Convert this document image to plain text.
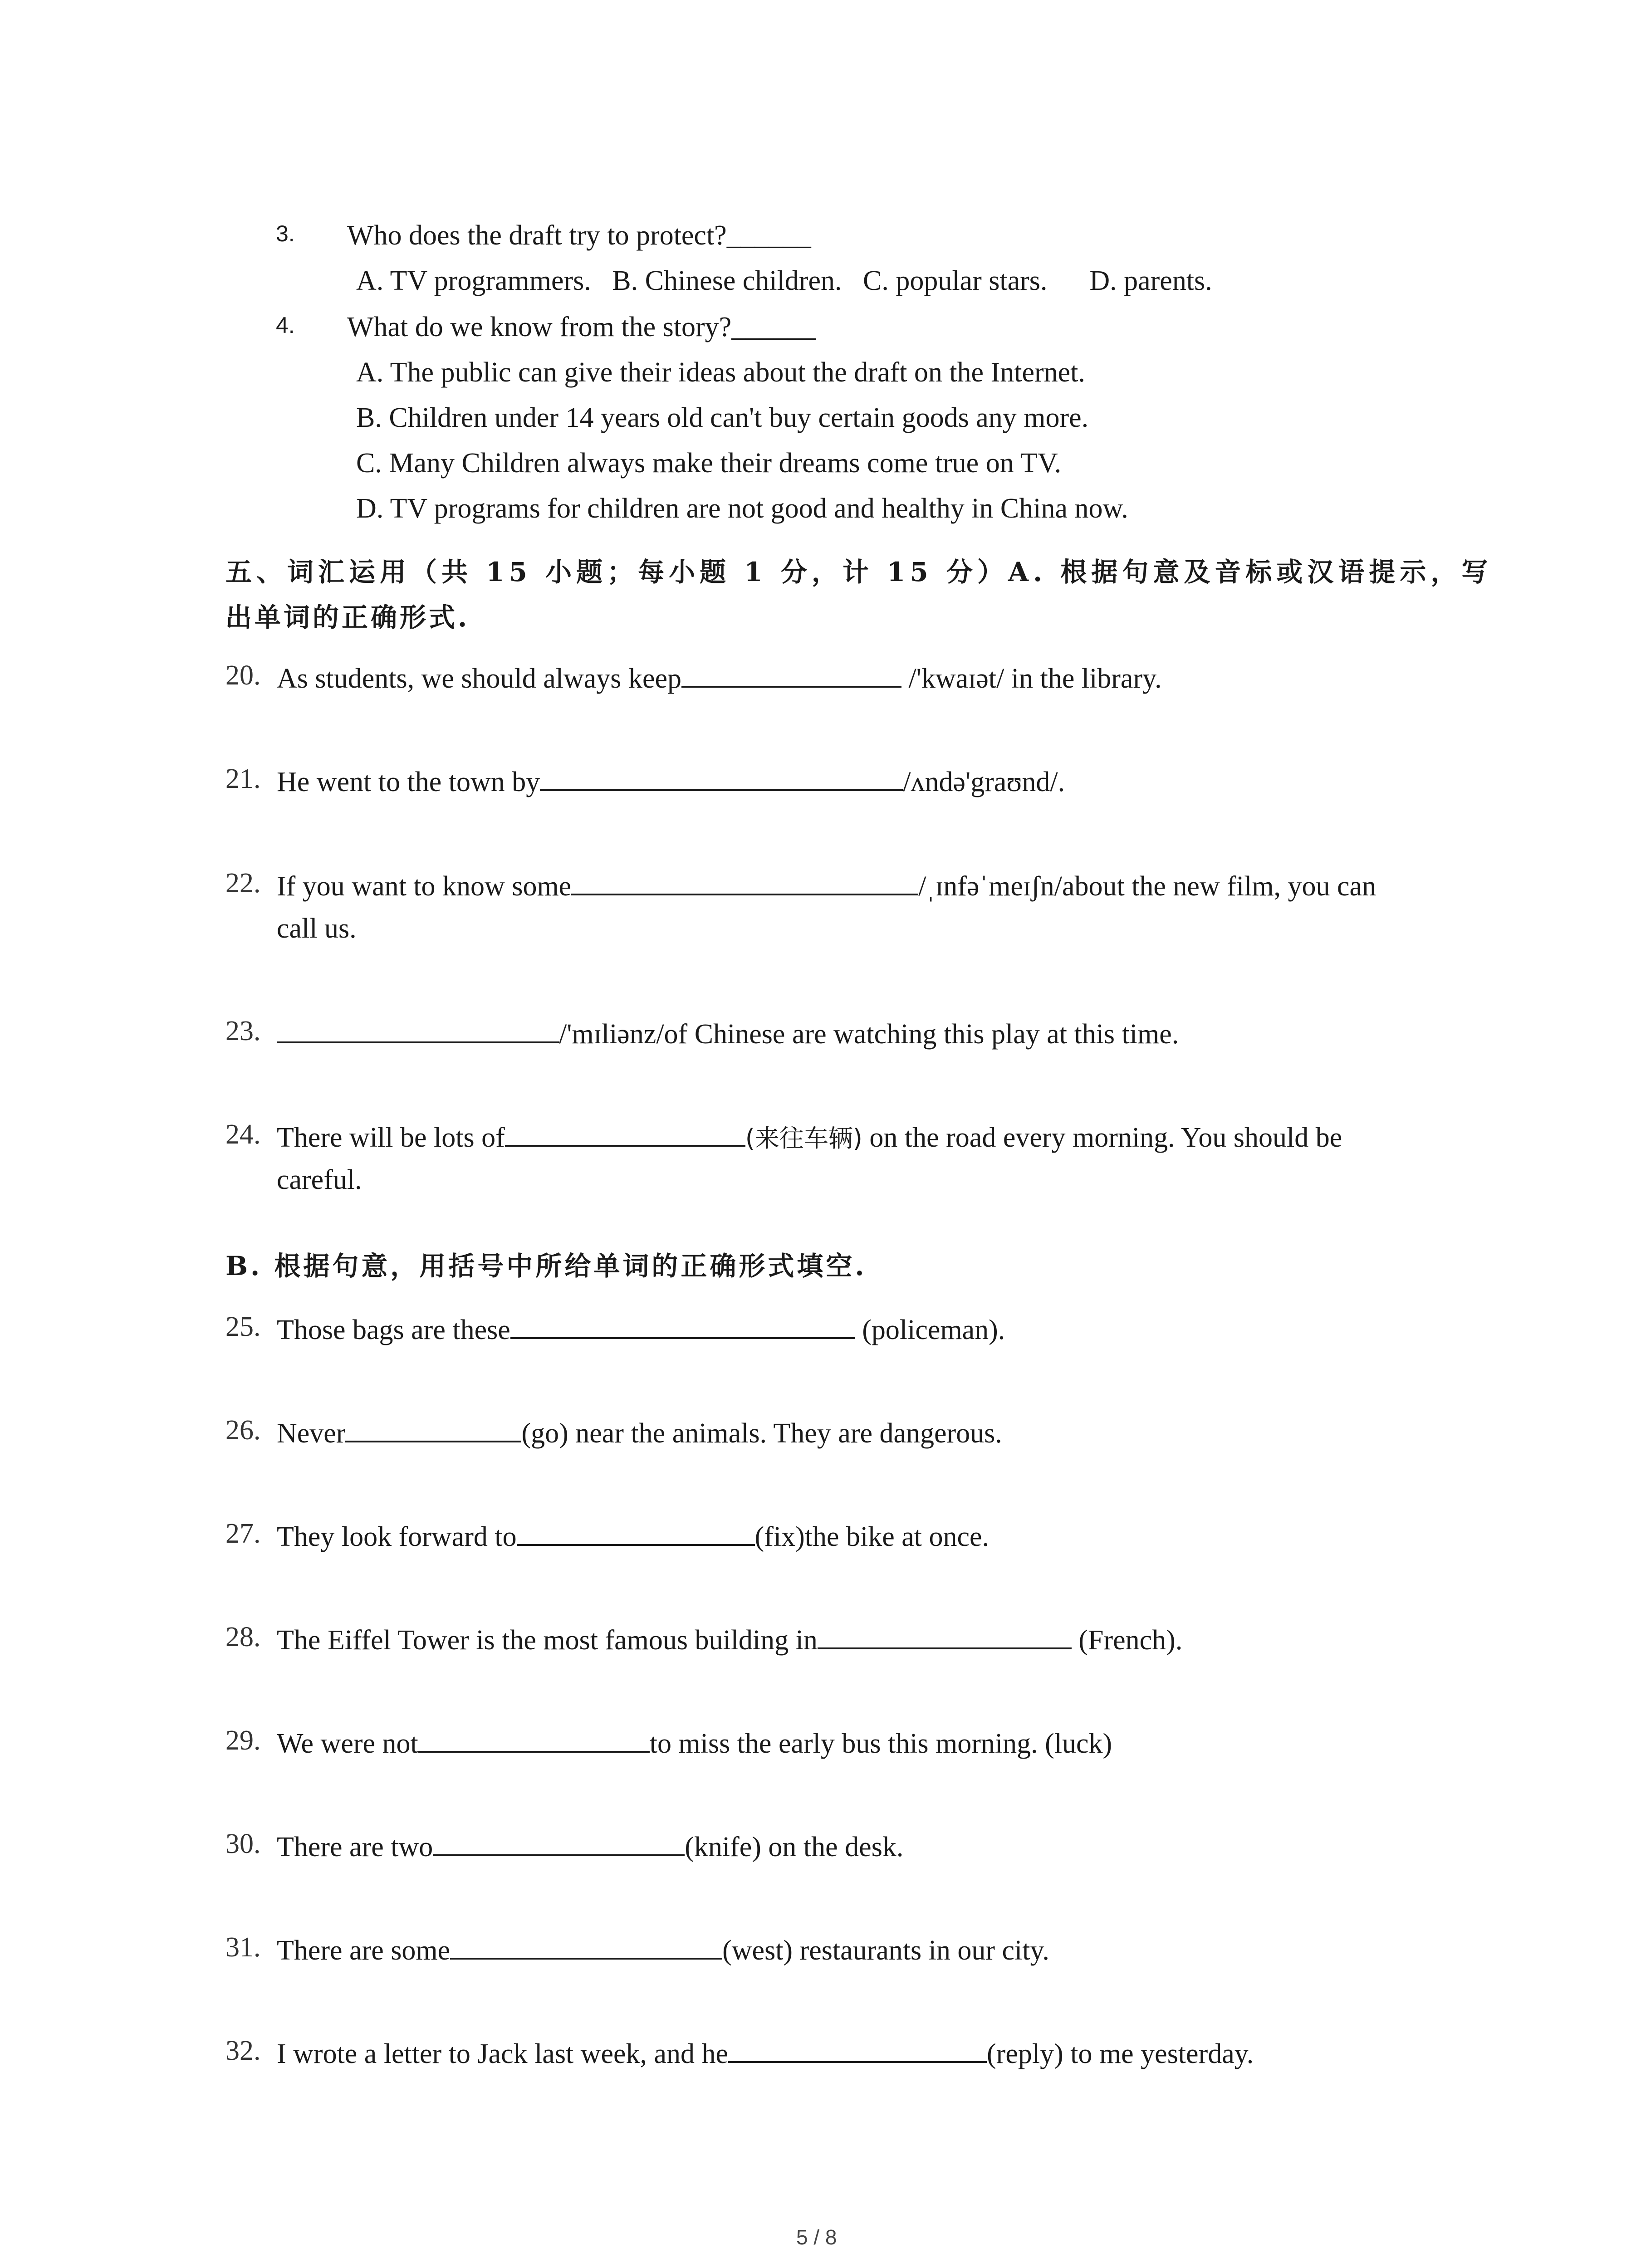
3. Who does the draft try to protect?______
A. TV programmers.   B. Chinese children.   C. popular stars.      D. parents.
4. What do we know from the story?______
A. The public can give their ideas about the draft on the Internet.
B. Children under 14 years old can't buy certain goods any more.
C. Many Children always make their dreams come true on TV.
D. TV programs for children are not good and healthy in China now.
五、词汇运用（共 15 小题；每小题 1 分，计 15 分）A. 根据句意及音标或汉语提示，写
出单词的正确形式.
20. As students, we should always keep	/'kwaɪət/ in the library.
21. He went to the town by	/ʌndə'graʊnd/.
22. If you want to know some	/ˌɪnfəˈmeɪʃn/about the new film, you can
call us.
23.	/'mɪliənz/of Chinese are watching this play at this time.
24. There will be lots of	(来往车辆) on the road every morning. You should be
careful.
B. 根据句意，用括号中所给单词的正确形式填空.
25. Those bags are these	(policeman).
26. Never	(go) near the animals. They are dangerous.
27. They look forward to	(fix)the bike at once.
28. The Eiffel Tower is the most famous building in	(French).
29. We were not	to miss the early bus this morning. (luck)
30. There are two	(knife) on the desk.
31. There are some	(west) restaurants in our city.
32. I wrote a letter to Jack last week, and he	(reply) to me yesterday.
5 / 8
